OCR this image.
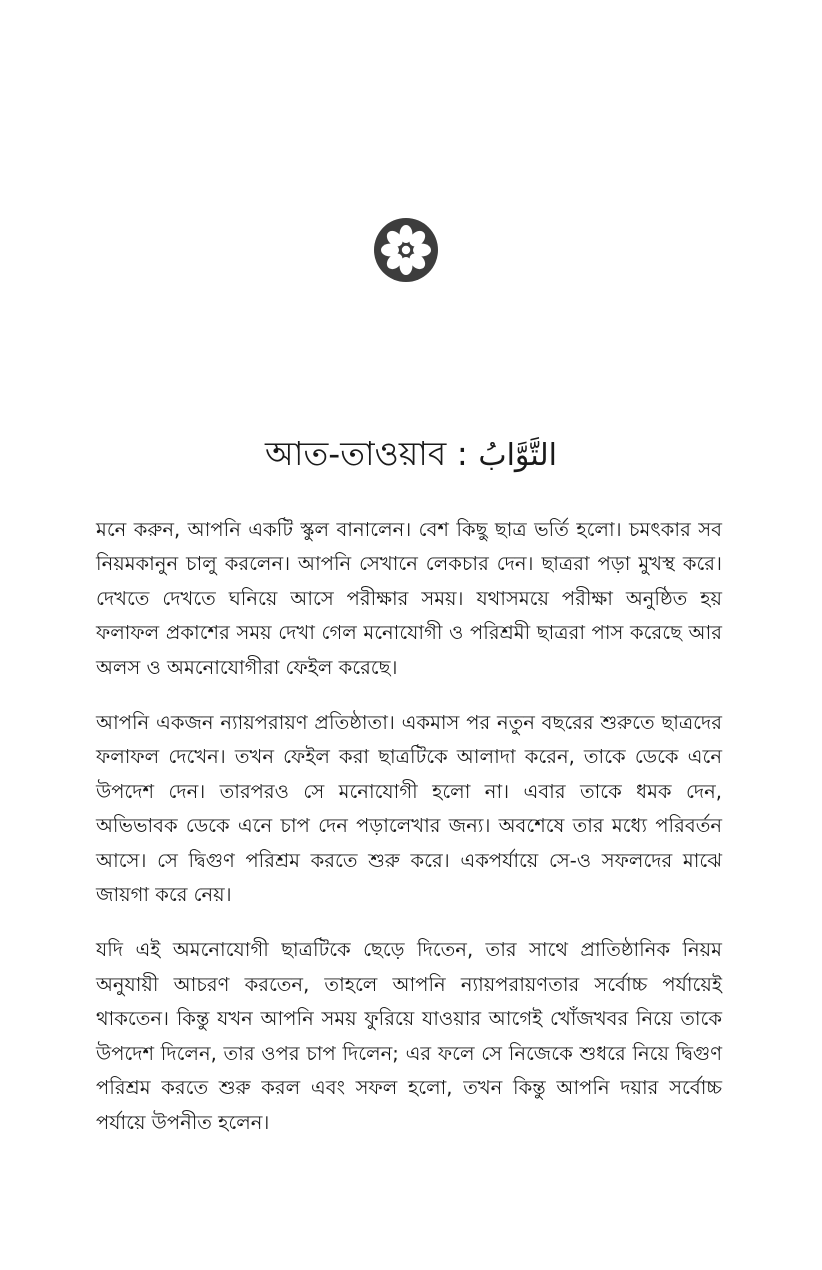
আত-তাওয়াব : التَّوَّابُ

মনে করুন, আপনি একটি স্কুল বানালেন। বেশ কিছু ছাত্র ভর্তি হলো। চমৎকার সব নিয়মকানুন চালু করলেন। আপনি সেখানে লেকচার দেন। ছাত্ররা পড়া মুখস্থ করে। দেখতে দেখতে ঘনিয়ে আসে পরীক্ষার সময়। যথাসময়ে পরীক্ষা অনুষ্ঠিত হয় ফলাফল প্রকাশের সময় দেখা গেল মনোযোগী ও পরিশ্রমী ছাত্ররা পাস করেছে আর অলস ও অমনোযোগীরা ফেইল করেছে।

আপনি একজন ন্যায়পরায়ণ প্রতিষ্ঠাতা। একমাস পর নতুন বছরের শুরুতে ছাত্রদের ফলাফল দেখেন। তখন ফেইল করা ছাত্রটিকে আলাদা করেন, তাকে ডেকে এনে উপদেশ দেন। তারপরও সে মনোযোগী হলো না। এবার তাকে ধমক দেন, অভিভাবক ডেকে এনে চাপ দেন পড়ালেখার জন্য। অবশেষে তার মধ্যে পরিবর্তন আসে। সে দ্বিগুণ পরিশ্রম করতে শুরু করে। একপর্যায়ে সে-ও সফলদের মাঝে জায়গা করে নেয়।

যদি এই অমনোযোগী ছাত্রটিকে ছেড়ে দিতেন, তার সাথে প্রাতিষ্ঠানিক নিয়ম অনুযায়ী আচরণ করতেন, তাহলে আপনি ন্যায়পরায়ণতার সর্বোচ্চ পর্যায়েই থাকতেন। কিন্তু যখন আপনি সময় ফুরিয়ে যাওয়ার আগেই খোঁজখবর নিয়ে তাকে উপদেশ দিলেন, তার ওপর চাপ দিলেন; এর ফলে সে নিজেকে শুধরে নিয়ে দ্বিগুণ পরিশ্রম করতে শুরু করল এবং সফল হলো, তখন কিন্তু আপনি দয়ার সর্বোচ্চ পর্যায়ে উপনীত হলেন।
